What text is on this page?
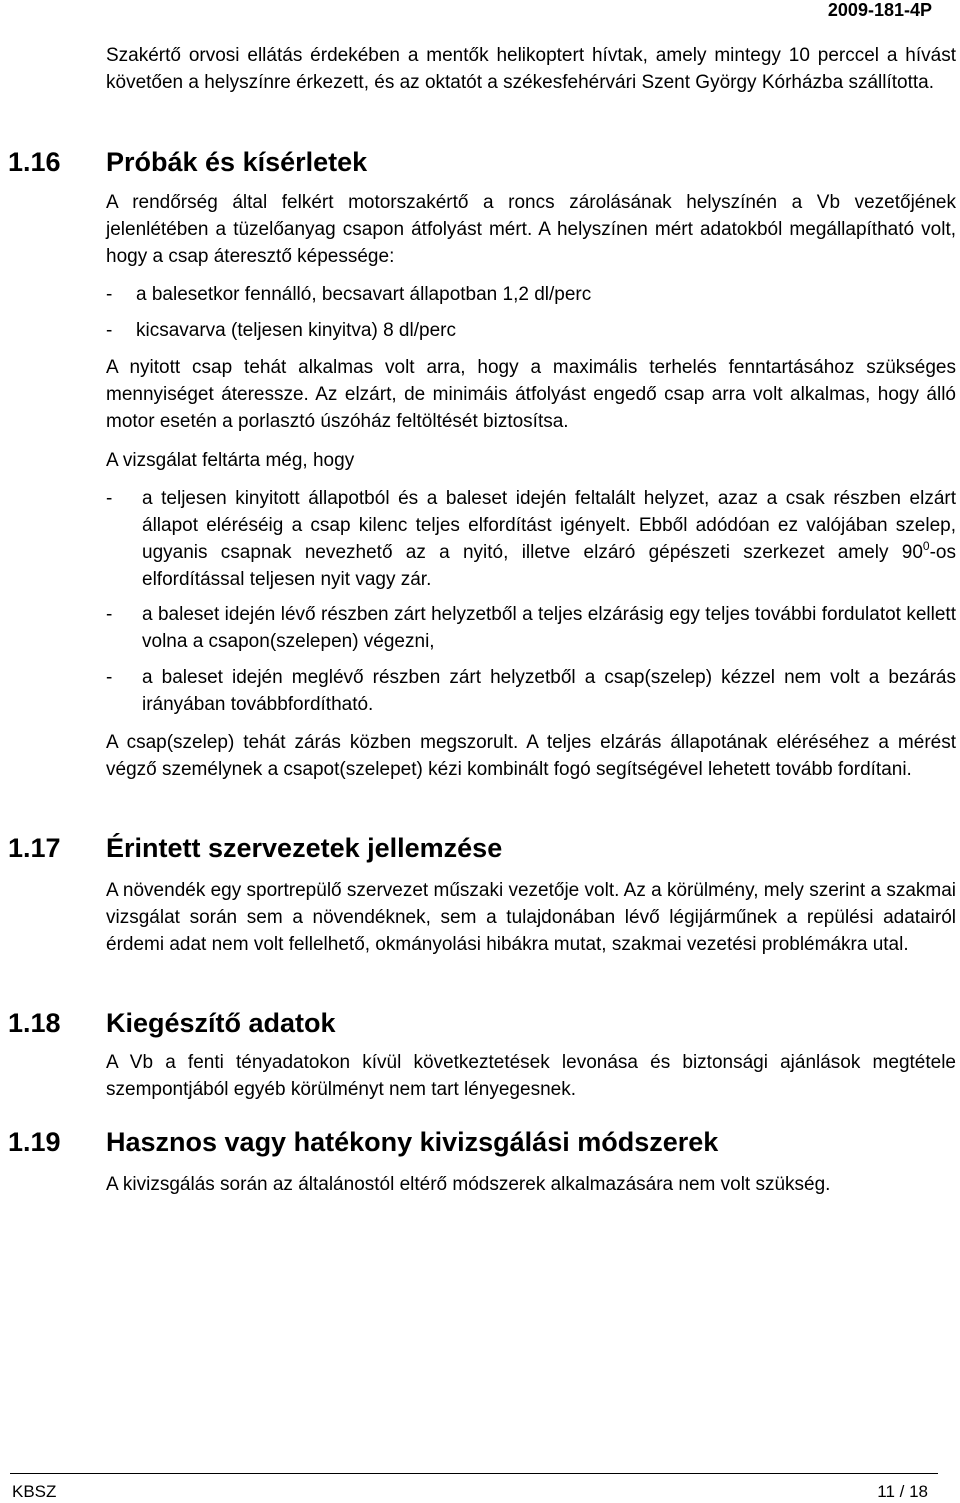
2009-181-4P

Szakértő orvosi ellátás érdekében a mentők helikoptert hívtak, amely mintegy 10 perccel a hívást követően a helyszínre érkezett, és az oktatót a székesfehérvári Szent György Kórházba szállította.

1.16 Próbák és kísérletek

A rendőrség által felkért motorszakértő a roncs zárolásának helyszínén a Vb vezetőjének jelenlétében a tüzelőanyag csapon átfolyást mért. A helyszínen mért adatokból megállapítható volt, hogy a csap áteresztő képessége:

- a balesetkor fennálló, becsavart állapotban 1,2 dl/perc
- kicsavarva (teljesen kinyitva) 8 dl/perc

A nyitott csap tehát alkalmas volt arra, hogy a maximális terhelés fenntartásához szükséges mennyiséget áteressze. Az elzárt, de minimáis átfolyást engedő csap arra volt alkalmas, hogy álló motor esetén a porlasztó úszóház feltöltését biztosítsa.

A vizsgálat feltárta még, hogy

- a teljesen kinyitott állapotból és a baleset idején feltalált helyzet, azaz a csak részben elzárt állapot eléréséig a csap kilenc teljes elfordítást igényelt. Ebből adódóan ez valójában szelep, ugyanis csapnak nevezhető az a nyitó, illetve elzáró gépészeti szerkezet amely $90^0-os$ elfordítással teljesen nyit vagy zár.
- a baleset idején lévő részben zárt helyzetből a teljes elzárásig egy teljes további fordulatot kellett volna a csapon(szelepen) végezni,
- a baleset idején meglévő részben zárt helyzetből a csap(szelep) kézzel nem volt a bezárás irányában továbbfordítható.

A csap(szelep) tehát zárás közben megszorult. A teljes elzárás állapotának eléréséhez a mérést végző személynek a csapot(szelepet) kézi kombinált fogó segítségével lehetett tovább fordítani.

1.17 Érintett szervezetek jellemzése

A növendék egy sportrepülő szervezet műszaki vezetője volt. Az a körülmény, mely szerint a szakmai vizsgálat során sem a növendéknek, sem a tulajdonában lévő légijárműnek a repülési adatairól érdemi adat nem volt fellelhető, okmányolási hibákra mutat, szakmai vezetési problémákra utal.

1.18 Kiegészítő adatok

A Vb a fenti tényadatokon kívül következtetések levonása és biztonsági ajánlások megtétele szempontjából egyéb körülményt nem tart lényegesnek.

1.19 Hasznos vagy hatékony kivizsgálási módszerek

A kivizsgálás során az általánostól eltérő módszerek alkalmazására nem volt szükség.

KBSZ	11 / 18
